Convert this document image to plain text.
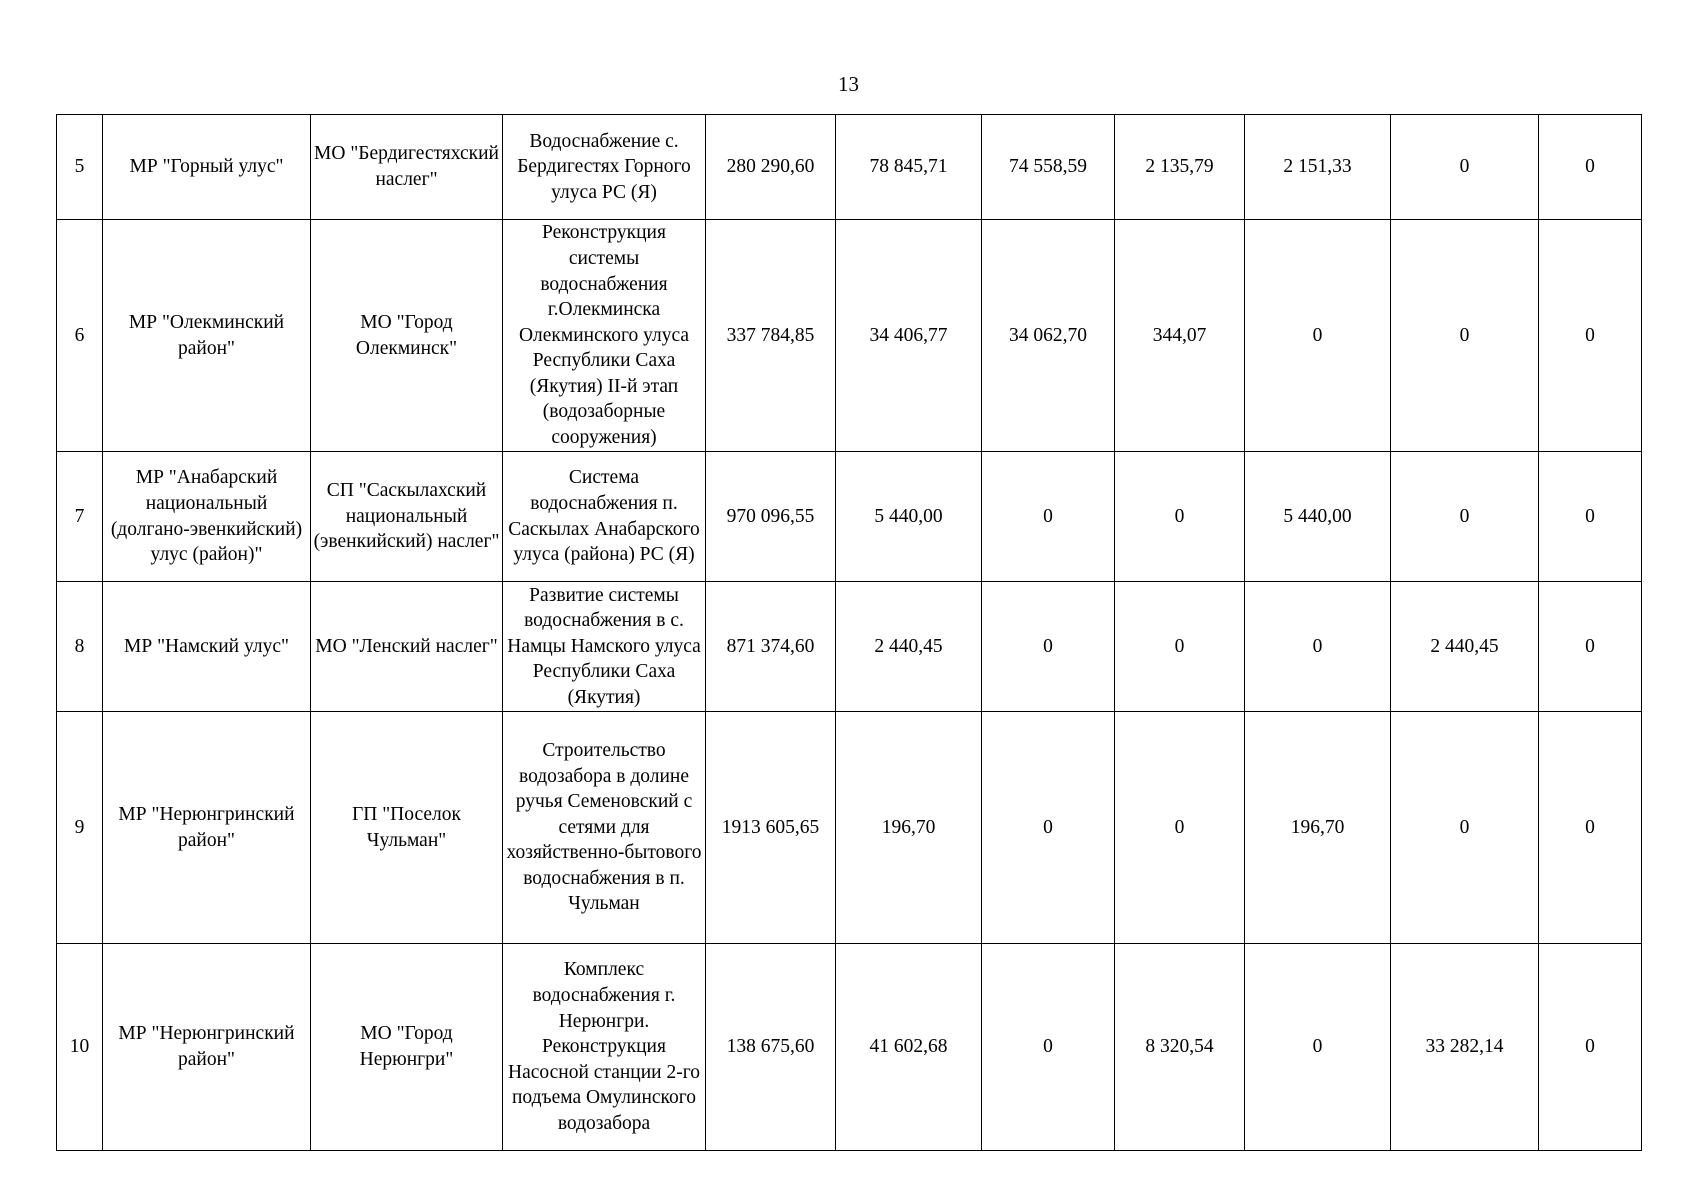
13
5	МР "Горный улус"	МО "Бердигестяхский наслег"	Водоснабжение с. Бердигестях Горного улуса РС (Я)	280 290,60	78 845,71	74 558,59	2 135,79	2 151,33	0	0
6	МР "Олекминский район"	МО "Город Олекминск"	Реконструкция системы водоснабжения г.Олекминска Олекминского улуса Республики Саха (Якутия) II-й этап (водозаборные сооружения)	337 784,85	34 406,77	34 062,70	344,07	0	0	0
7	МР "Анабарский национальный (долгано-эвенкийский) улус (район)"	СП "Саскылахский национальный (эвенкийский) наслег"	Система водоснабжения п. Саскылах Анабарского улуса (района) РС (Я)	970 096,55	5 440,00	0	0	5 440,00	0	0
8	МР "Намский улус"	МО "Ленский наслег"	Развитие системы водоснабжения в с. Намцы Намского улуса Республики Саха (Якутия)	871 374,60	2 440,45	0	0	0	2 440,45	0
9	МР "Нерюнгринский район"	ГП "Поселок Чульман"	Строительство водозабора в долине ручья Семеновский с сетями для хозяйственно-бытового водоснабжения в п. Чульман	1913 605,65	196,70	0	0	196,70	0	0
10	МР "Нерюнгринский район"	МО "Город Нерюнгри"	Комплекс водоснабжения г. Нерюнгри. Реконструкция Насосной станции 2-го подъема Омулинского водозабора	138 675,60	41 602,68	0	8 320,54	0	33 282,14	0
